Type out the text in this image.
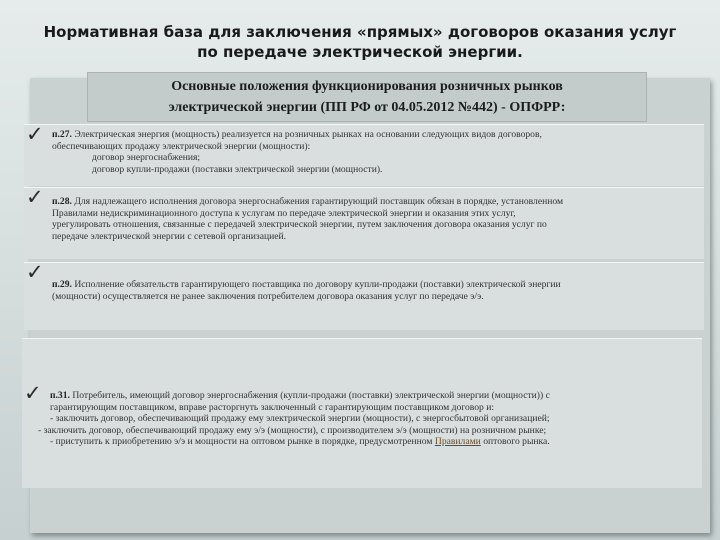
Нормативная база для заключения «прямых» договоров оказания услуг
по передаче электрической энергии.
Основные положения функционирования розничных рынков
электрической энергии (ПП РФ от 04.05.2012 №442) - ОПФРР:
✓ п.27. Электрическая энергия (мощность) реализуется на розничных рынках на основании следующих видов договоров,
обеспечивающих продажу электрической энергии (мощности):
договор энергоснабжения;
договор купли-продажи (поставки электрической энергии (мощности).
✓ п.28. Для надлежащего исполнения договора энергоснабжения гарантирующий поставщик обязан в порядке, установленном
Правилами недискриминационного доступа к услугам по передаче электрической энергии и оказания этих услуг,
урегулировать отношения, связанные с передачей электрической энергии, путем заключения договора оказания услуг по
передаче электрической энергии с сетевой организацией.
✓
п.29. Исполнение обязательств гарантирующего поставщика по договору купли-продажи (поставки) электрической энергии
(мощности) осуществляется не ранее заключения потребителем договора оказания услуг по передаче э/э.
✓ п.31. Потребитель, имеющий договор энергоснабжения (купли-продажи (поставки) электрической энергии (мощности)) с
гарантирующим поставщиком, вправе расторгнуть заключенный с гарантирующим поставщиком договор и:
- заключить договор, обеспечивающий продажу ему электрической энергии (мощности), с энергосбытовой организацией;
- заключить договор, обеспечивающий продажу ему э/э (мощности), с производителем э/э (мощности) на розничном рынке;
- приступить к приобретению э/э и мощности на оптовом рынке в порядке, предусмотренном Правилами оптового рынка.
